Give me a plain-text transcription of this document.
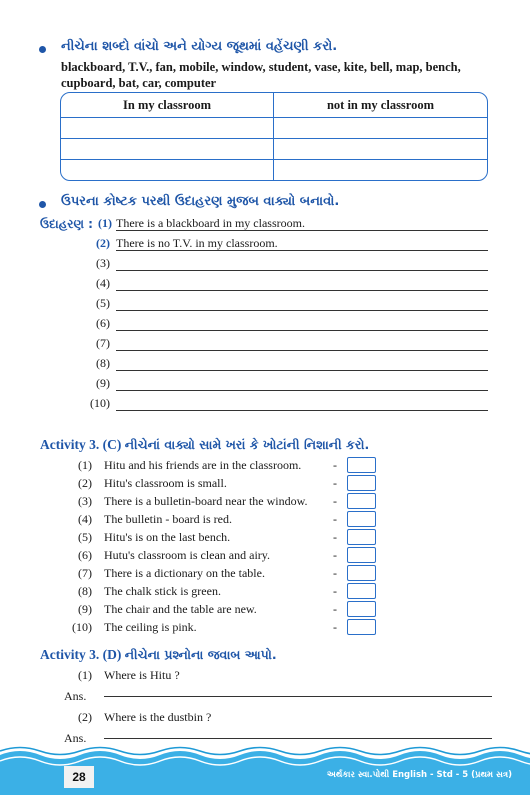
નીચેના શબ્દો વાંચો અને યોગ્ય જૂથમાં વહેંચણી કરો.
blackboard, T.V., fan, mobile, window, student, vase, kite, bell, map, bench, cupboard, bat, car, computer
In my classroom	not in my classroom

ઉપરના કોષ્ટક પરથી ઉદાહરણ મુજબ વાક્યો બનાવો.
ઉદાહરણ : (1) There is a blackboard in my classroom.
(2) There is no T.V. in my classroom.
(3)
(4)
(5)
(6)
(7)
(8)
(9)
(10)
Activity 3. (C) નીચેનાં વાક્યો સામે ખરાં કે ખોટાંની નિશાની કરો.
(1) Hitu and his friends are in the classroom.	-
(2) Hitu's classroom is small.	-
(3) There is a bulletin-board near the window. -
(4) The bulletin - board is red.	-
(5) Hitu's is on the last bench.	-
(6) Hutu's classroom is clean and airy.	-
(7) There is a dictionary on the table.	-
(8) The chalk stick is green.	-
(9) The chair and the table are new.	-
(10) The ceiling is pink.	-
Activity 3. (D) નીચેના પ્રશ્નોના જવાબ આપો.
(1) Where is Hitu ?
Ans.
(2) Where is the dustbin ?
Ans.
28	અર્થકાર સ્વા.પોથી English - Std - 5 (પ્રથમ સત્ર)
